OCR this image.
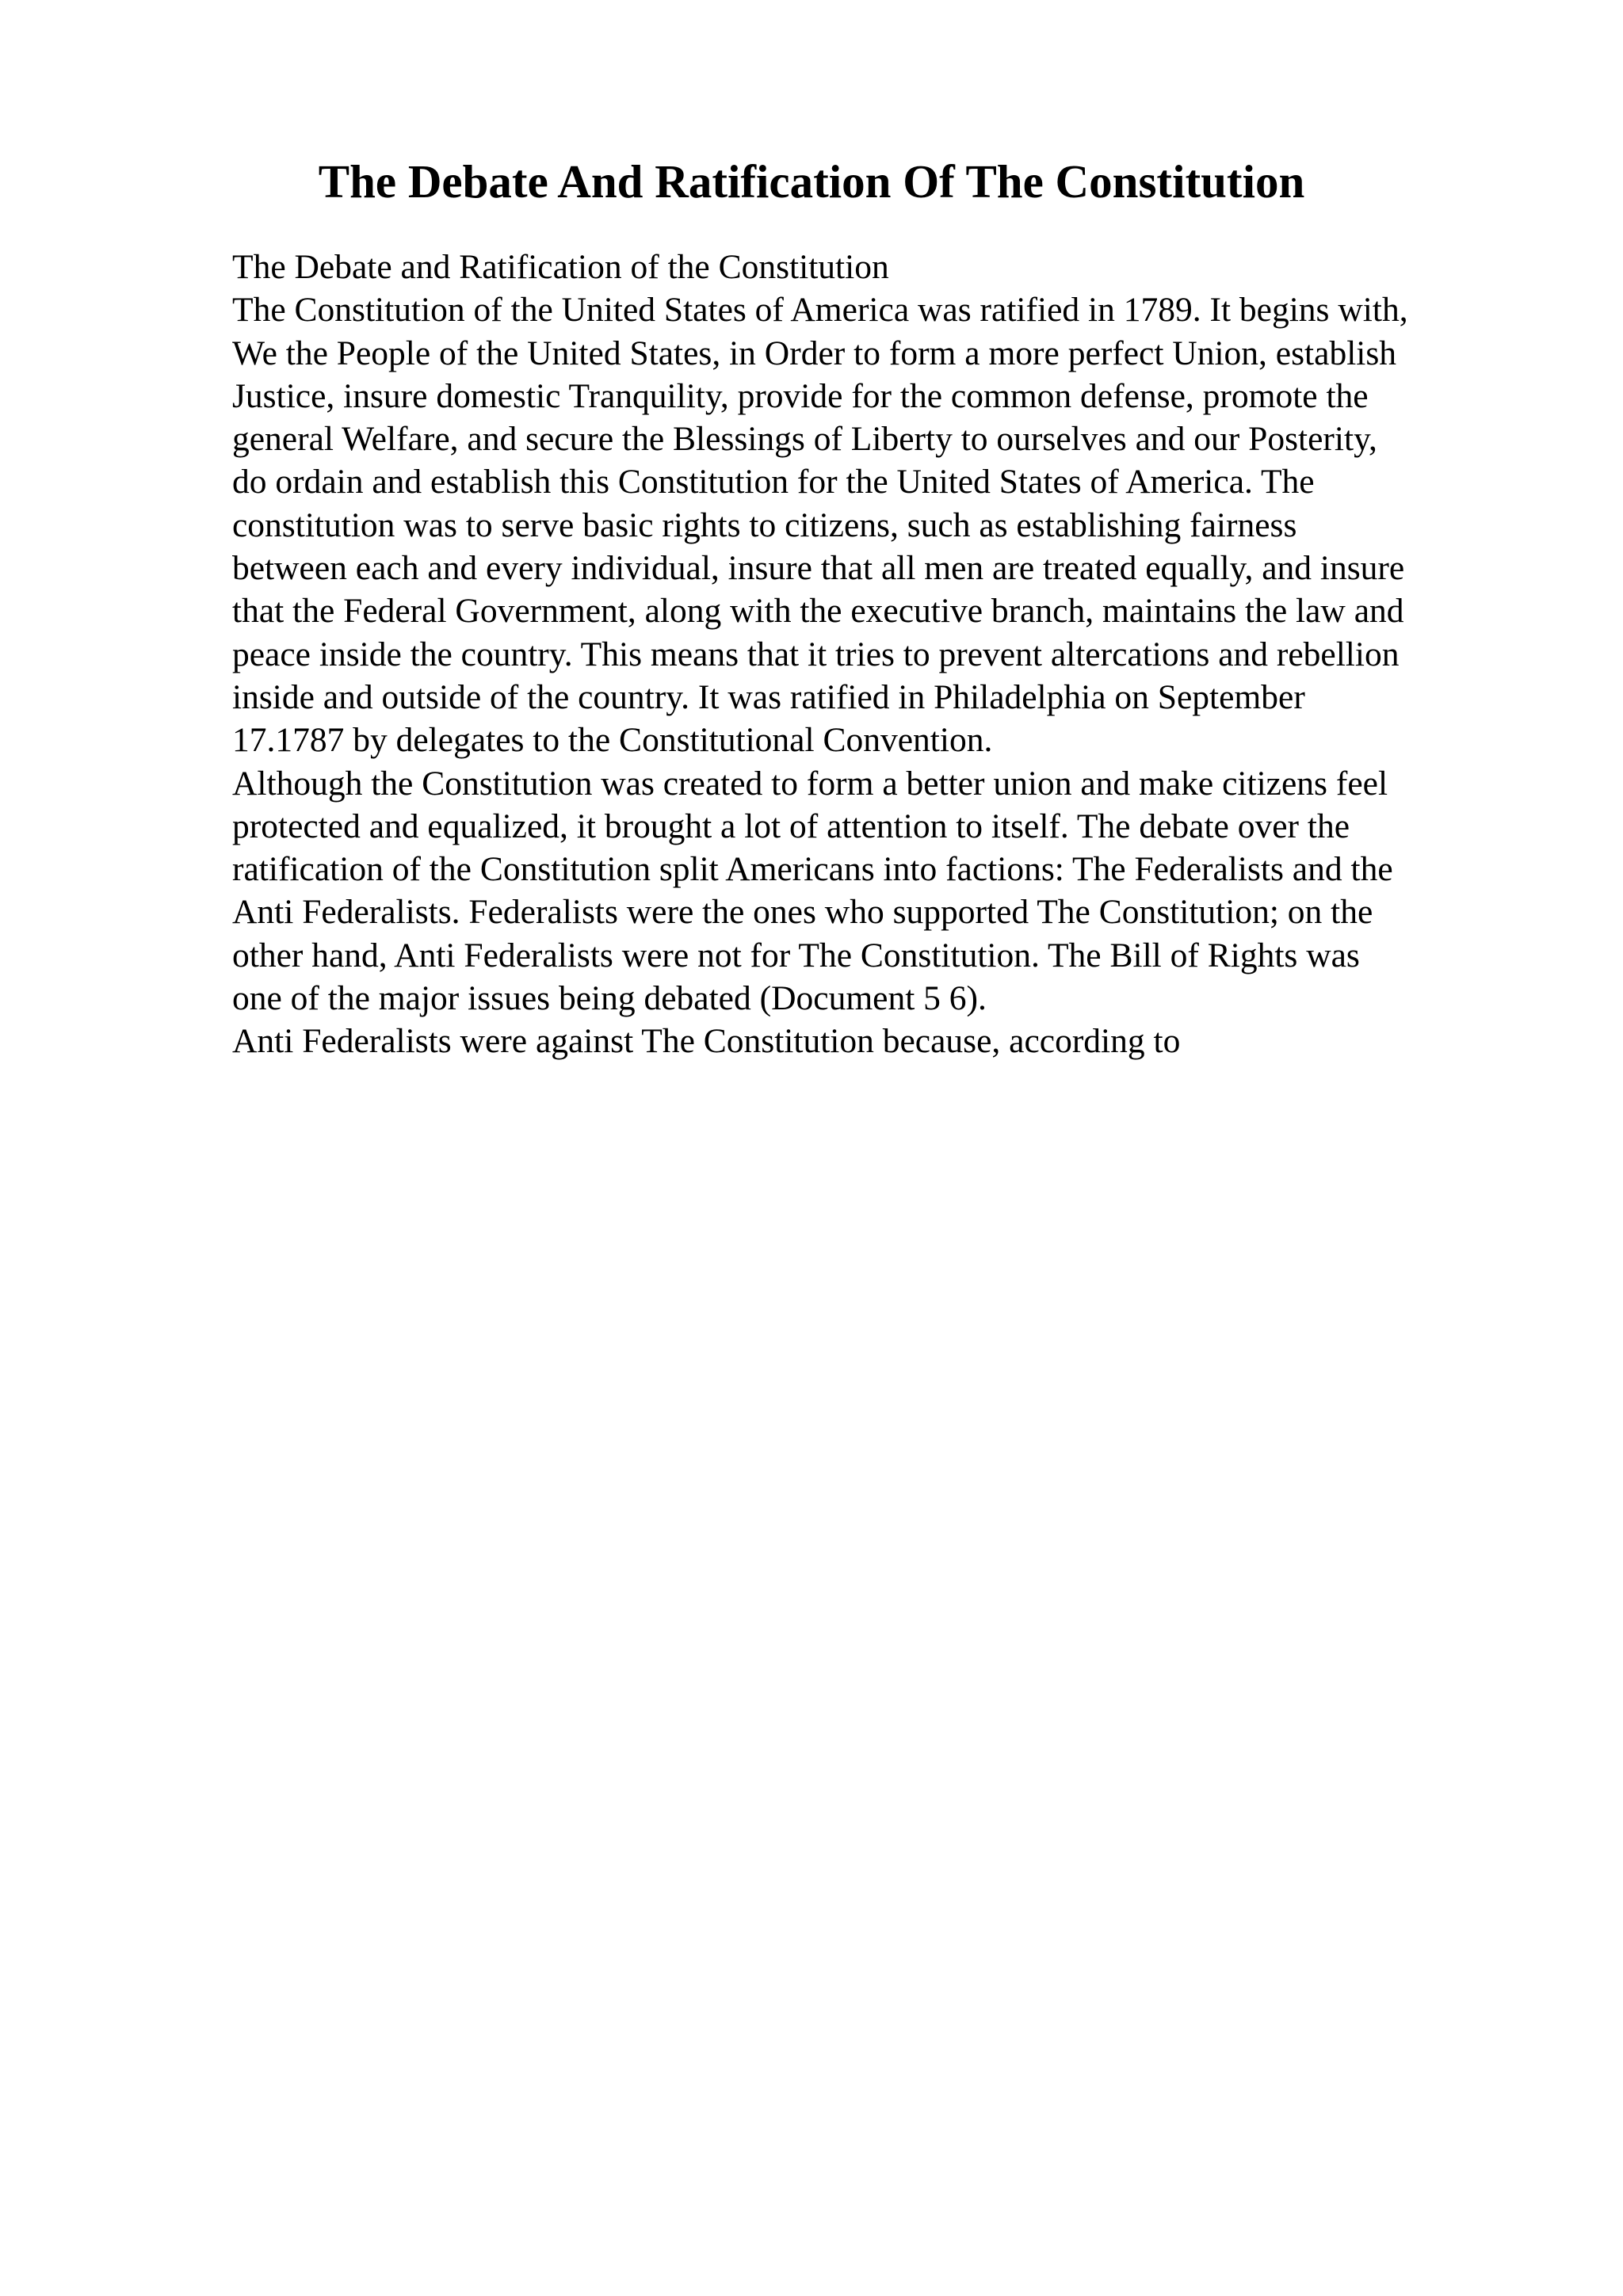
The Debate And Ratification Of The Constitution
The Debate and Ratification of the Constitution
The Constitution of the United States of America was ratified in 1789. It begins with,
We the People of the United States, in Order to form a more perfect Union, establish
Justice, insure domestic Tranquility, provide for the common defense, promote the
general Welfare, and secure the Blessings of Liberty to ourselves and our Posterity,
do ordain and establish this Constitution for the United States of America. The
constitution was to serve basic rights to citizens, such as establishing fairness
between each and every individual, insure that all men are treated equally, and insure
that the Federal Government, along with the executive branch, maintains the law and
peace inside the country. This means that it tries to prevent altercations and rebellion
inside and outside of the country. It was ratified in Philadelphia on September
17.1787 by delegates to the Constitutional Convention.
Although the Constitution was created to form a better union and make citizens feel
protected and equalized, it brought a lot of attention to itself. The debate over the
ratification of the Constitution split Americans into factions: The Federalists and the
Anti Federalists. Federalists were the ones who supported The Constitution; on the
other hand, Anti Federalists were not for The Constitution. The Bill of Rights was
one of the major issues being debated (Document 5 6).
Anti Federalists were against The Constitution because, according to
